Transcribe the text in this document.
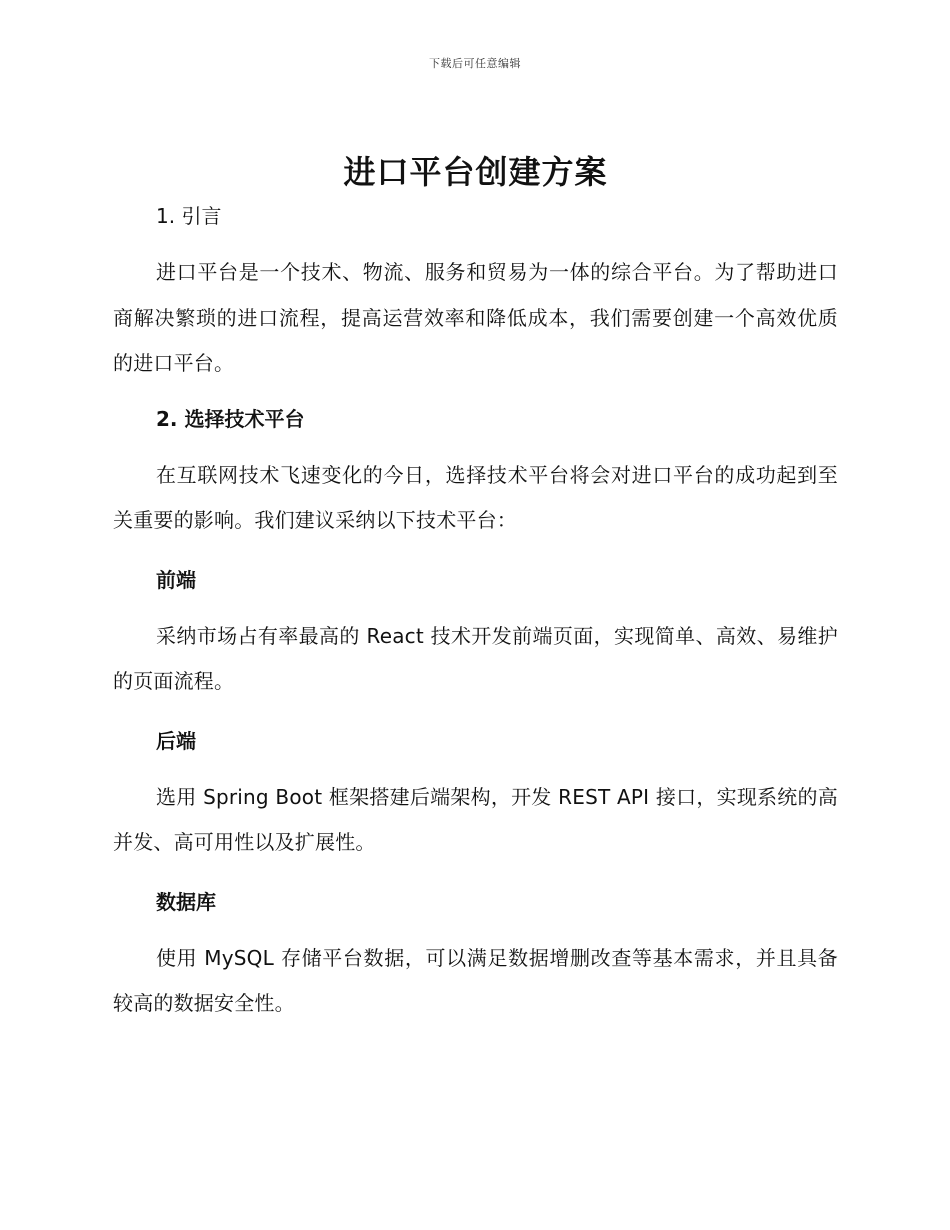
下载后可任意编辑
进口平台创建方案
1. 引言

进口平台是一个技术、物流、服务和贸易为一体的综合平台。为了帮助进口商解决繁琐的进口流程，提高运营效率和降低成本，我们需要创建一个高效优质的进口平台。

2. 选择技术平台

在互联网技术飞速变化的今日，选择技术平台将会对进口平台的成功起到至关重要的影响。我们建议采纳以下技术平台：

前端

采纳市场占有率最高的 React 技术开发前端页面，实现简单、高效、易维护的页面流程。

后端

选用 Spring Boot 框架搭建后端架构，开发 REST API 接口，实现系统的高并发、高可用性以及扩展性。

数据库

使用 MySQL 存储平台数据，可以满足数据增删改查等基本需求，并且具备较高的数据安全性。
